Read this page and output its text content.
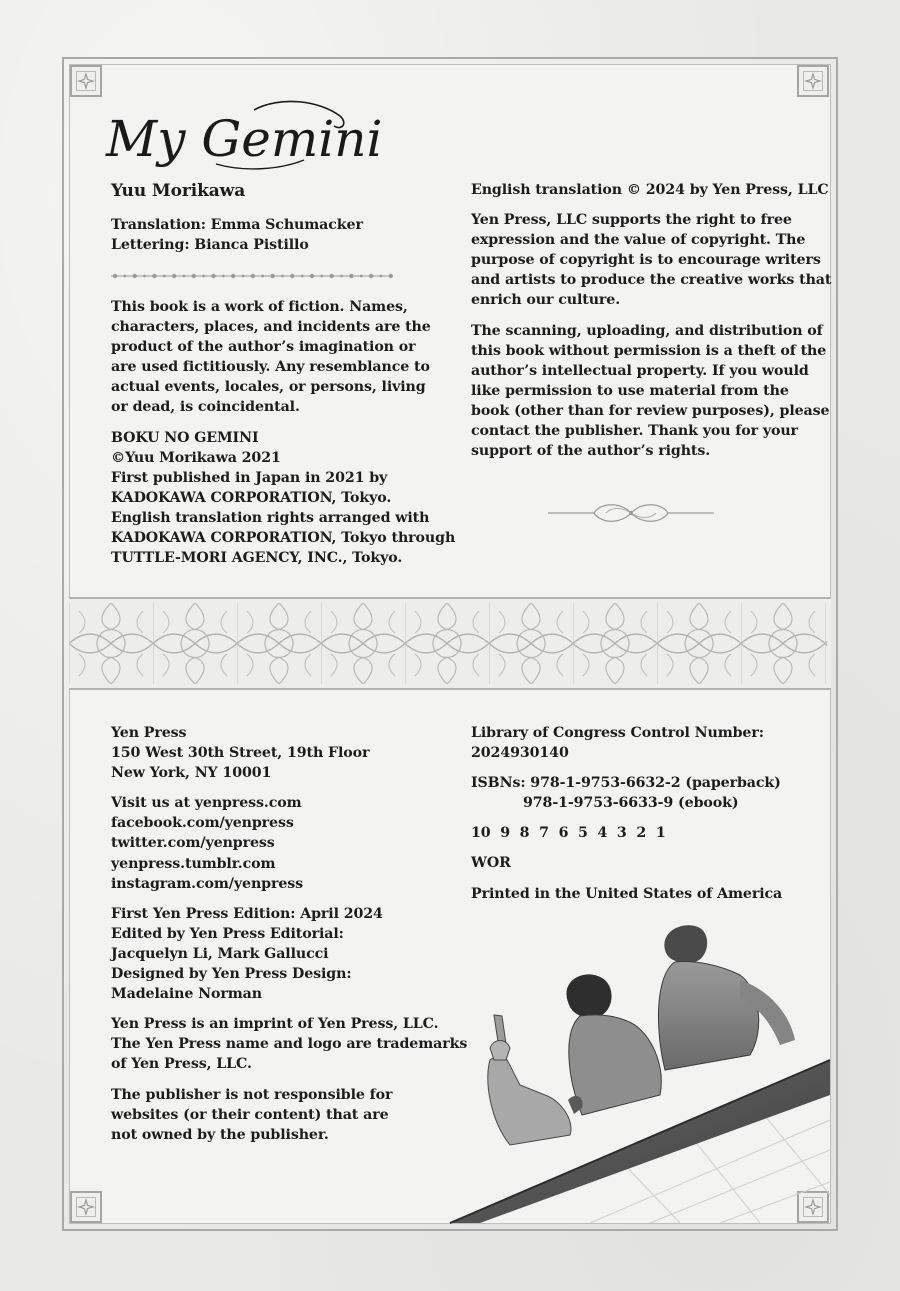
My Gemini

Yuu Morikawa

Translation: Emma Schumacker
Lettering: Bianca Pistillo

This book is a work of fiction. Names,
characters, places, and incidents are the
product of the author’s imagination or
are used fictitiously. Any resemblance to
actual events, locales, or persons, living
or dead, is coincidental.

BOKU NO GEMINI
©Yuu Morikawa 2021
First published in Japan in 2021 by
KADOKAWA CORPORATION, Tokyo.
English translation rights arranged with
KADOKAWA CORPORATION, Tokyo through
TUTTLE-MORI AGENCY, INC., Tokyo.

English translation © 2024 by Yen Press, LLC

Yen Press, LLC supports the right to free
expression and the value of copyright. The
purpose of copyright is to encourage writers
and artists to produce the creative works that
enrich our culture.

The scanning, uploading, and distribution of
this book without permission is a theft of the
author’s intellectual property. If you would
like permission to use material from the
book (other than for review purposes), please
contact the publisher. Thank you for your
support of the author’s rights.

Yen Press
150 West 30th Street, 19th Floor
New York, NY 10001

Visit us at yenpress.com
facebook.com/yenpress
twitter.com/yenpress
yenpress.tumblr.com
instagram.com/yenpress

First Yen Press Edition: April 2024
Edited by Yen Press Editorial:
Jacquelyn Li, Mark Gallucci
Designed by Yen Press Design:
Madelaine Norman

Yen Press is an imprint of Yen Press, LLC.
The Yen Press name and logo are trademarks
of Yen Press, LLC.

The publisher is not responsible for
websites (or their content) that are
not owned by the publisher.

Library of Congress Control Number:
2024930140

ISBNs: 978-1-9753-6632-2 (paperback)
978-1-9753-6633-9 (ebook)

10  9  8  7  6  5  4  3  2  1

WOR

Printed in the United States of America
